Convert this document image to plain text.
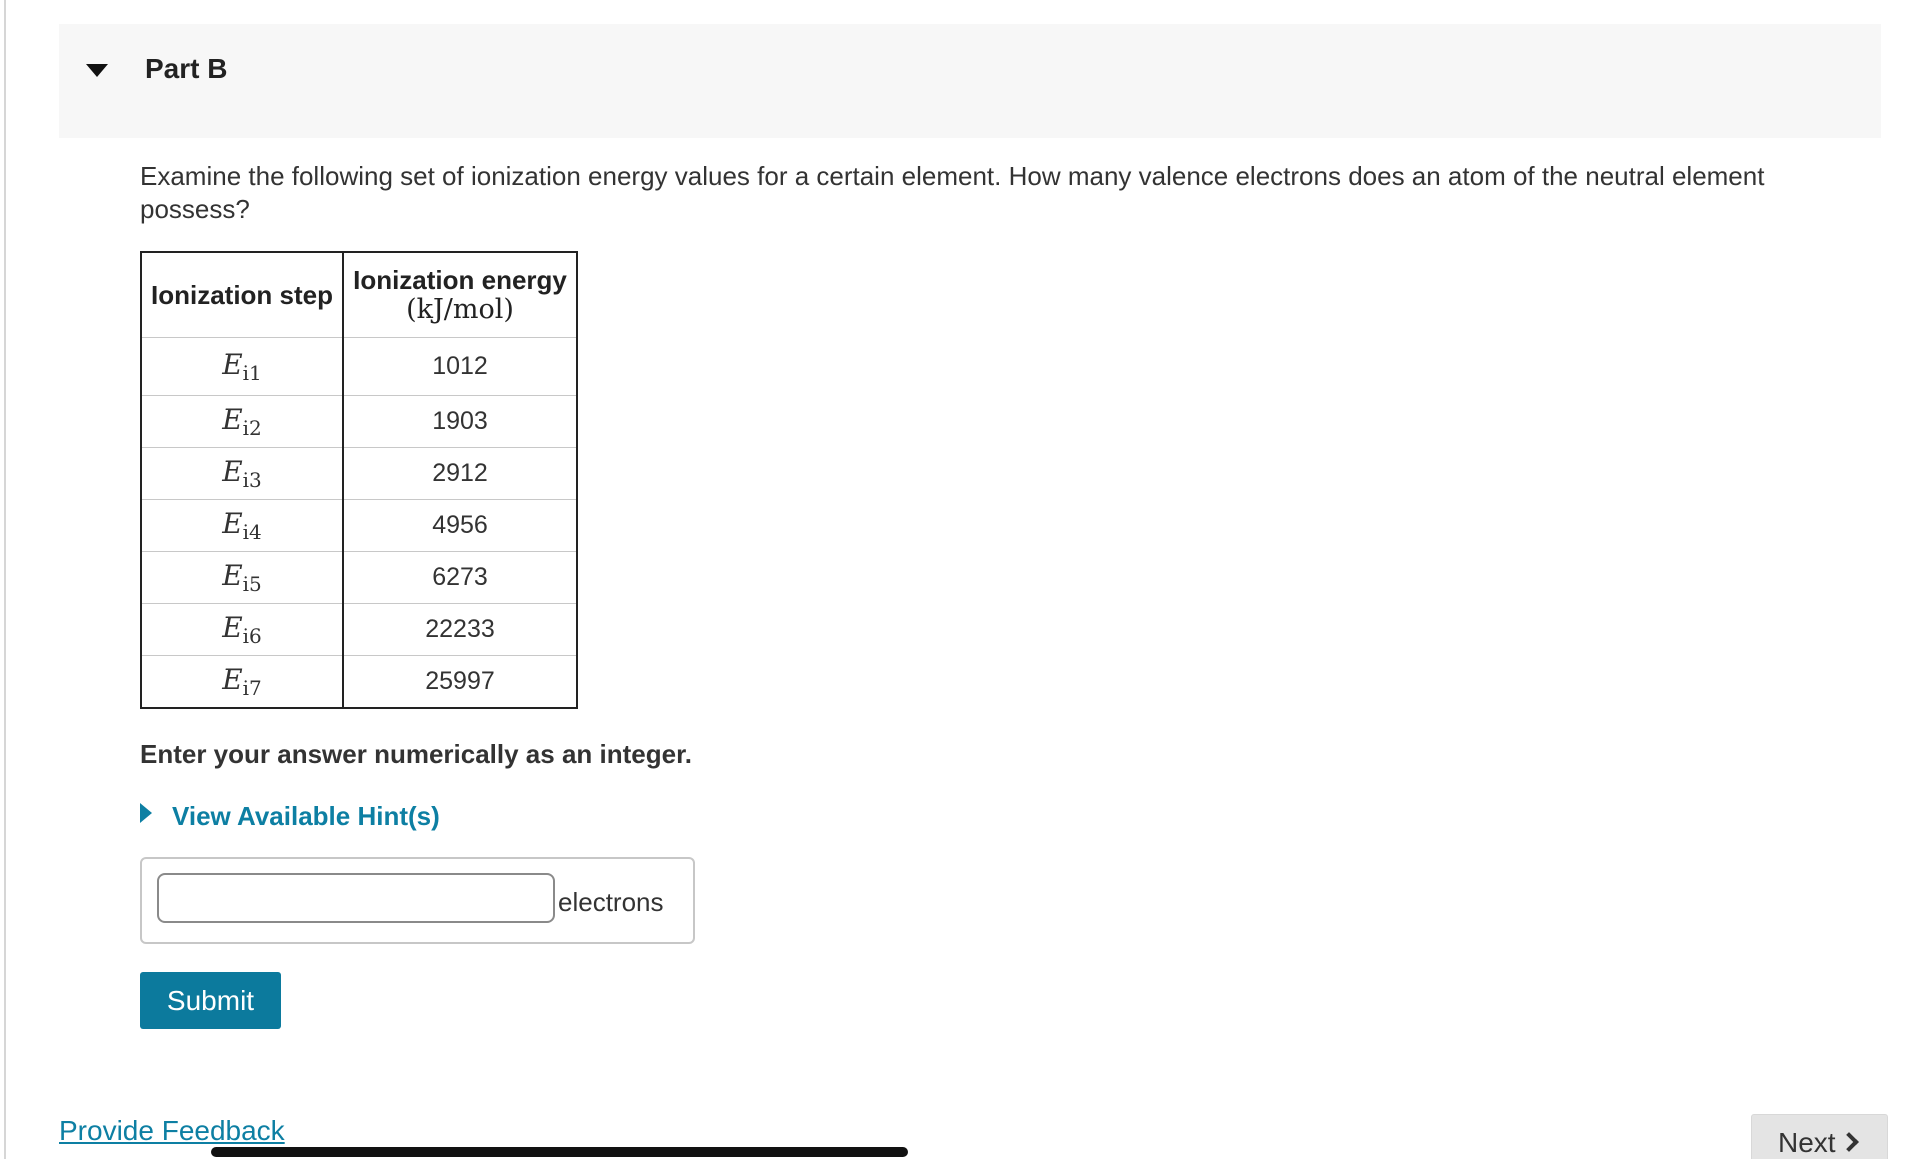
Part B
Examine the following set of ionization energy values for a certain element. How many valence electrons does an atom of the neutral element possess?
Ionization step	Ionization energy
(kJ/mol)

$E_{i1}$	1012
$E_{i2}$	1903
$E_{i3}$	2912
$E_{i4}$	4956
$E_{i5}$	6273
$E_{i6}$	22233
$E_{i7}$	25997
Enter your answer numerically as an integer.
View Available Hint(s)
electrons
Submit
Provide Feedback	Next
